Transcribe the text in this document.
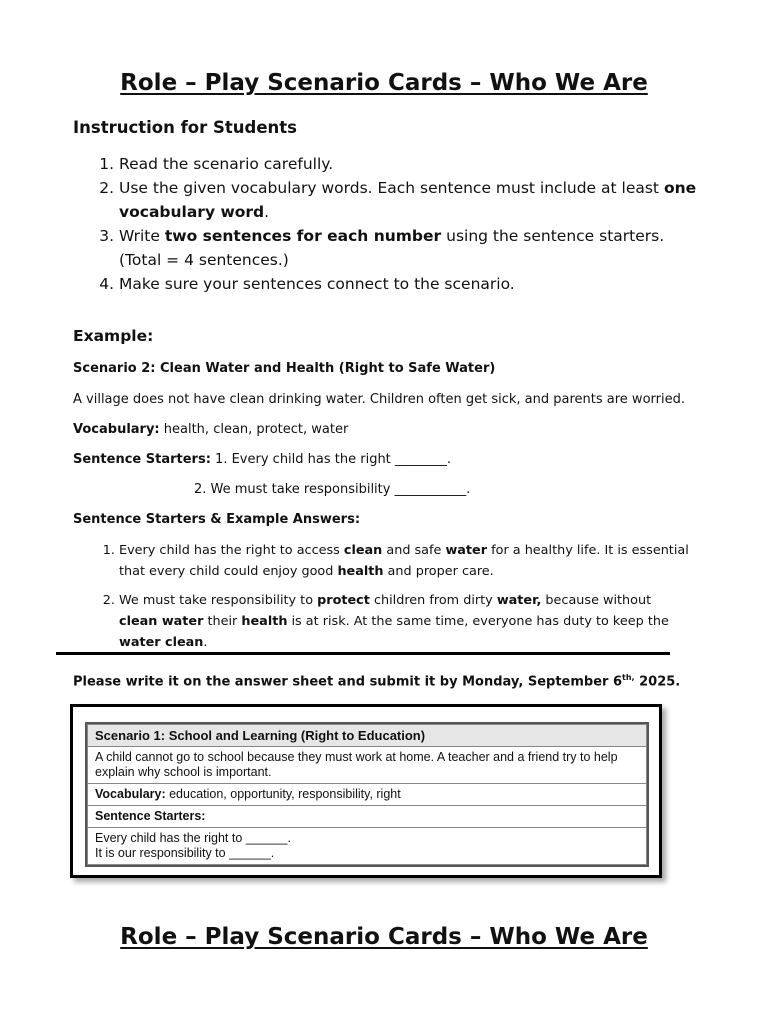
Role – Play Scenario Cards – Who We Are
Instruction for Students
1. Read the scenario carefully.
2. Use the given vocabulary words. Each sentence must include at least one vocabulary word.
3. Write two sentences for each number using the sentence starters.
(Total = 4 sentences.)
4. Make sure your sentences connect to the scenario.
Example:
Scenario 2: Clean Water and Health (Right to Safe Water)
A village does not have clean drinking water. Children often get sick, and parents are worried.
Vocabulary: health, clean, protect, water
Sentence Starters: 1. Every child has the right ________.
2. We must take responsibility ___________.
Sentence Starters & Example Answers:
1. Every child has the right to access clean and safe water for a healthy life. It is essential that every child could enjoy good health and proper care.
2. We must take responsibility to protect children from dirty water, because without clean water their health is at risk. At the same time, everyone has duty to keep the water clean.
Please write it on the answer sheet and submit it by Monday, September $6^{th,}$ 2025.
Scenario 1: School and Learning (Right to Education)
A child cannot go to school because they must work at home. A teacher and a friend try to help explain why school is important.
Vocabulary: education, opportunity, responsibility, right
Sentence Starters:
Every child has the right to ______.
It is our responsibility to ______.
Role – Play Scenario Cards – Who We Are
